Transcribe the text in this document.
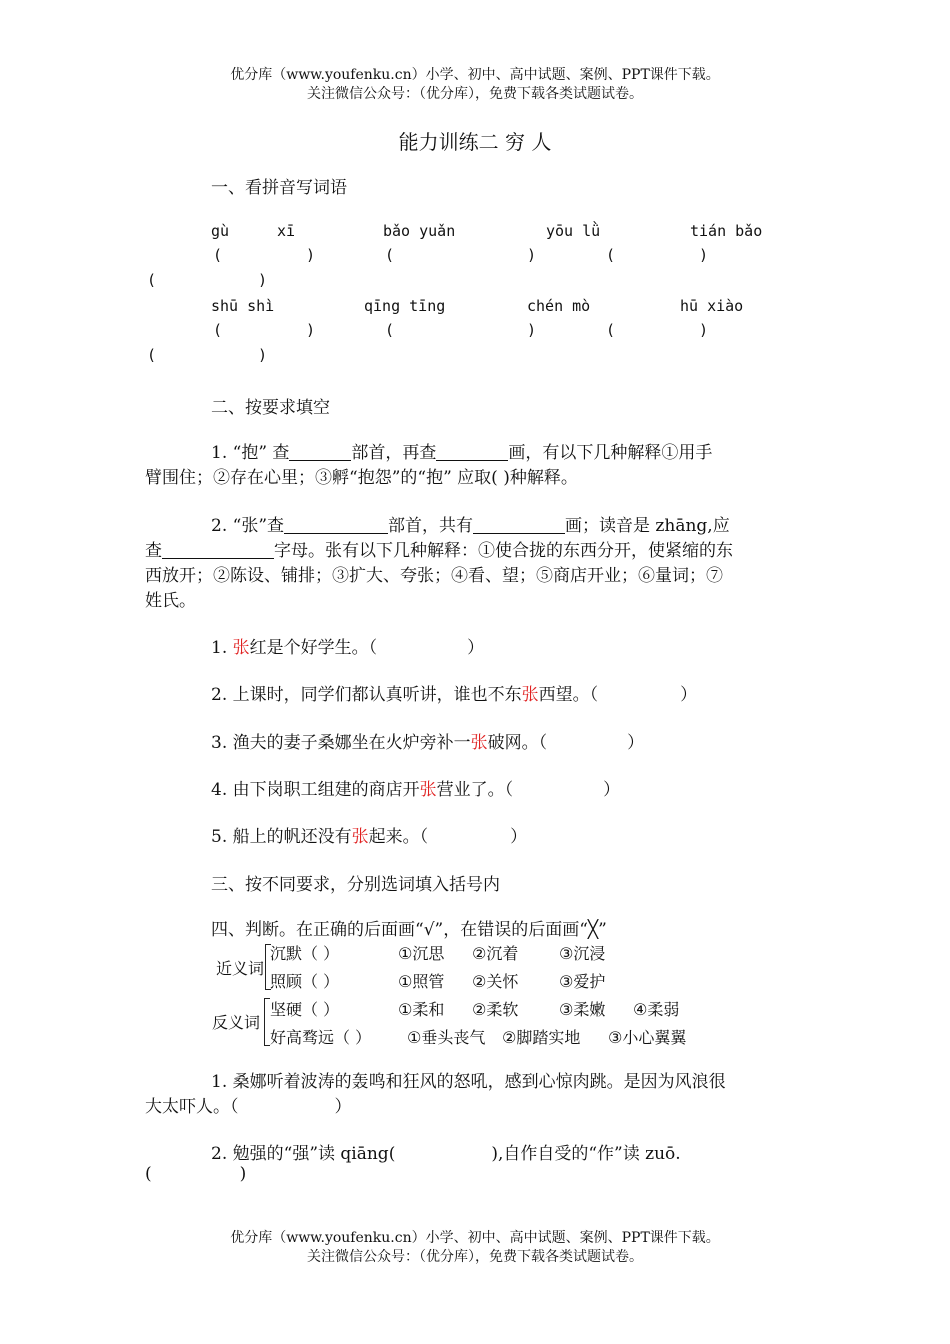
优分库（www.youfenku.cn）小学、初中、高中试题、案例、PPT课件下载。
关注微信公众号：（优分库），免费下载各类试题试卷。
能力训练二 穷 人
一、看拼音写词语
gù	xī	bǎo yuǎn	yōu lǜ	tián bǎo
(	)	(	)	(	)
(	)
shū shì	qīng tīng	chén mò	hū xiào
(	)	(	)	(	)
(	)
二、按要求填空
1. “抱” 查	部首，再查	画，有以下几种解释①用手
臂围住；②存在心里；③孵“抱怨”的“抱” 应取( )种解释。
2. “张”查	部首，共有	画；读音是 zhāng,应
查	字母。张有以下几种解释：①使合拢的东西分开，使紧缩的东
西放开；②陈设、铺排；③扩大、夸张；④看、望；⑤商店开业；⑥量词；⑦
姓氏。
1. 张红是个好学生。（	）
2. 上课时，同学们都认真听讲，谁也不东张西望。（	）
3. 渔夫的妻子桑娜坐在火炉旁补一张破网。（	）
4. 由下岗职工组建的商店开张营业了。（	）
5. 船上的帆还没有张起来。（	）
三、按不同要求，分别选词填入括号内
四、判断。在正确的后面画“√”，在错误的后面画“╳”
近义词
沉默（ ）	①沉思 ②沉着	③沉浸
照顾（ ）	①照管 ②关怀	③爱护
反义词
坚硬（ ）	①柔和 ②柔软	③柔嫩 ④柔弱
好高骛远（ ） ①垂头丧气 ②脚踏实地 ③小心翼翼
1. 桑娜听着波涛的轰鸣和狂风的怒吼，感到心惊肉跳。是因为风浪很
大太吓人。（	）
2. 勉强的“强”读 qiāng(	),自作自受的“作”读 zuō.
(	)
优分库（www.youfenku.cn）小学、初中、高中试题、案例、PPT课件下载。
关注微信公众号：（优分库），免费下载各类试题试卷。
